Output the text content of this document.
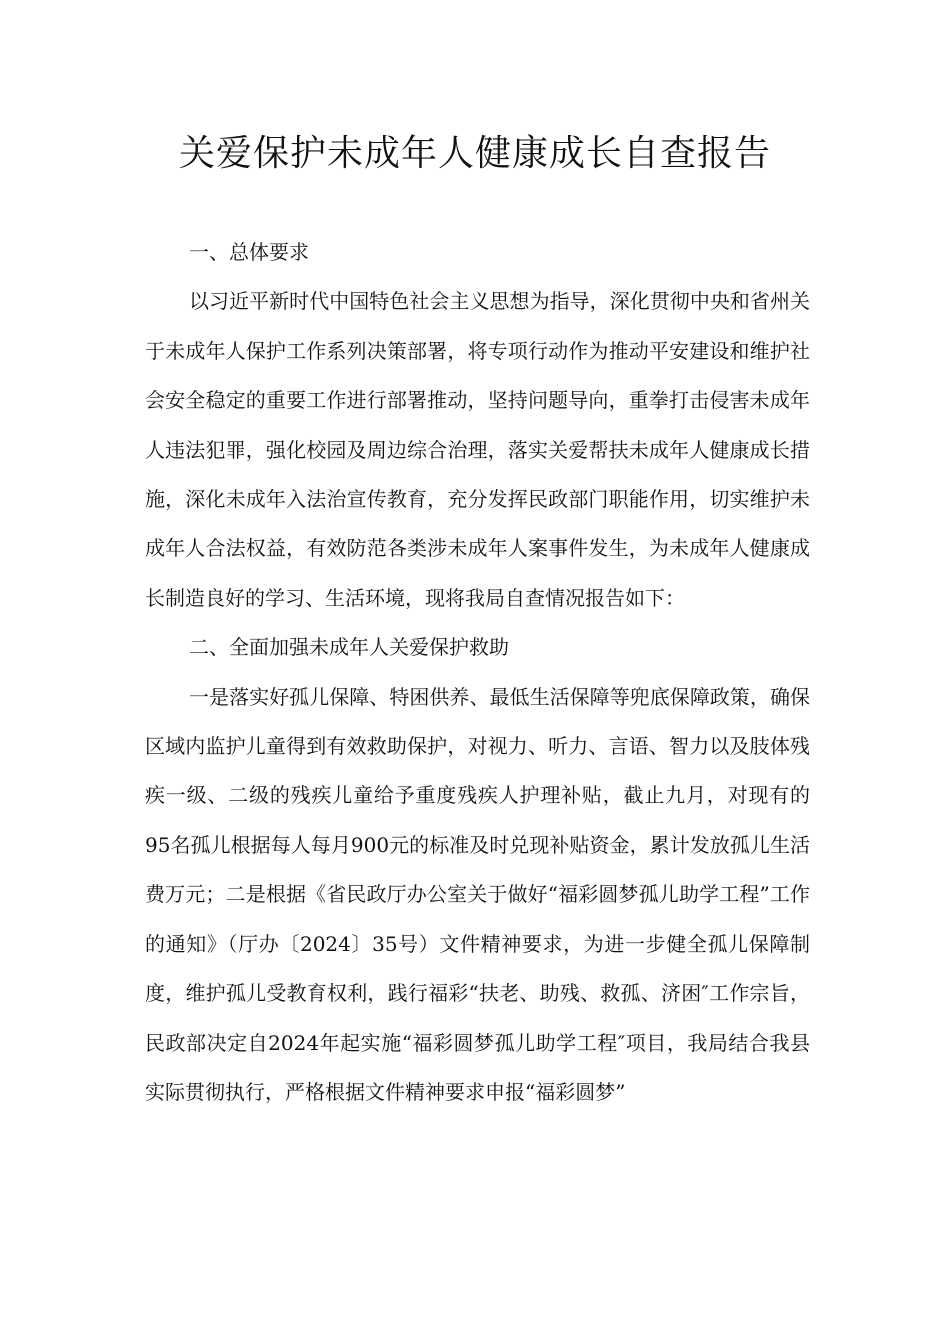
关爱保护未成年人健康成长自查报告

一、总体要求

以习近平新时代中国特色社会主义思想为指导，深化贯彻中央和省州关于未成年人保护工作系列决策部署，将专项行动作为推动平安建设和维护社会安全稳定的重要工作进行部署推动，坚持问题导向，重拳打击侵害未成年人违法犯罪，强化校园及周边综合治理，落实关爱帮扶未成年人健康成长措施，深化未成年入法治宣传教育，充分发挥民政部门职能作用，切实维护未成年人合法权益，有效防范各类涉未成年人案事件发生，为未成年人健康成长制造良好的学习、生活环境，现将我局自查情况报告如下：

二、全面加强未成年人关爱保护救助

一是落实好孤儿保障、特困供养、最低生活保障等兜底保障政策，确保区域内监护儿童得到有效救助保护，对视力、听力、言语、智力以及肢体残疾一级、二级的残疾儿童给予重度残疾人护理补贴，截止九月，对现有的95名孤儿根据每人每月900元的标准及时兑现补贴资金，累计发放孤儿生活费万元；二是根据《省民政厅办公室关于做好“福彩圆梦孤儿助学工程”工作的通知》（厅办〔2024〕35号）文件精神要求，为进一步健全孤儿保障制度，维护孤儿受教育权利，践行福彩“扶老、助残、救孤、济困″工作宗旨，民政部决定自2024年起实施“福彩圆梦孤儿助学工程″项目，我局结合我县实际贯彻执行，严格根据文件精神要求申报“福彩圆梦”
